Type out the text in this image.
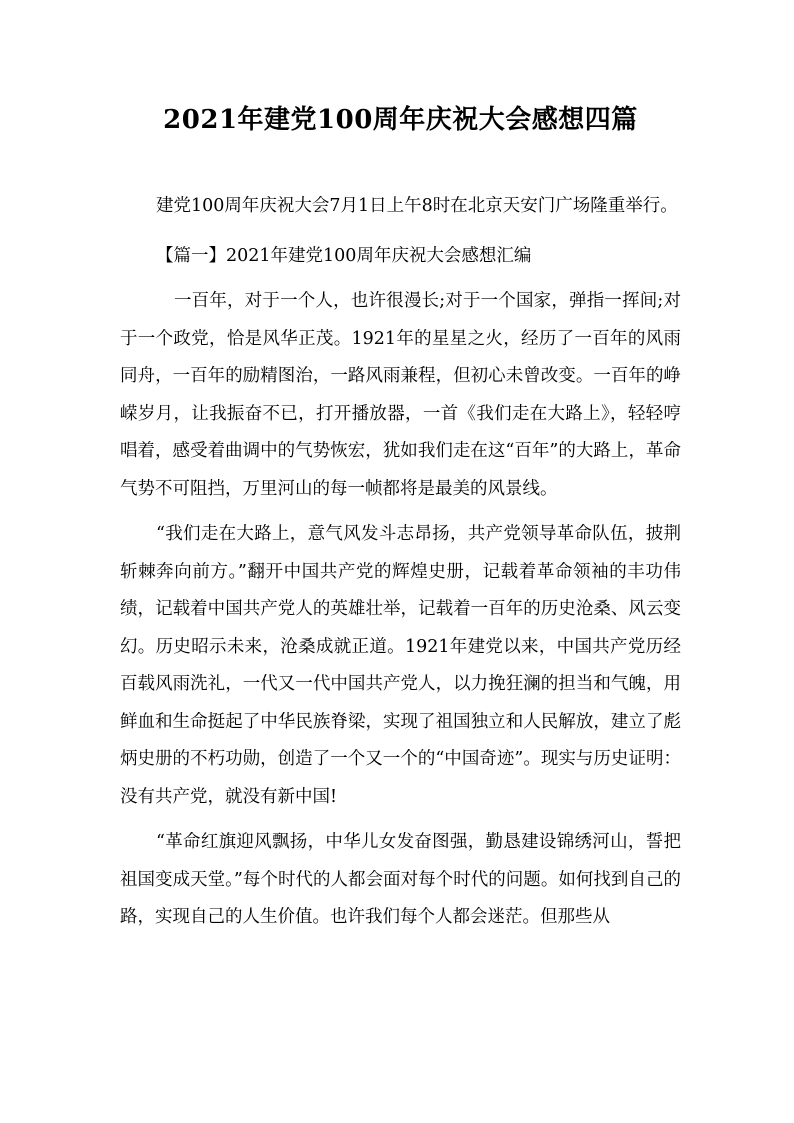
2021年建党100周年庆祝大会感想四篇

建党100周年庆祝大会7月1日上午8时在北京天安门广场隆重举行。

【篇一】2021年建党100周年庆祝大会感想汇编

一百年，对于一个人，也许很漫长;对于一个国家，弹指一挥间;对于一个政党，恰是风华正茂。1921年的星星之火，经历了一百年的风雨同舟，一百年的励精图治，一路风雨兼程，但初心未曾改变。一百年的峥嵘岁月，让我振奋不已，打开播放器，一首《我们走在大路上》，轻轻哼唱着，感受着曲调中的气势恢宏，犹如我们走在这“百年”的大路上，革命气势不可阻挡，万里河山的每一帧都将是最美的风景线。

“我们走在大路上，意气风发斗志昂扬，共产党领导革命队伍，披荆斩棘奔向前方。”翻开中国共产党的辉煌史册，记载着革命领袖的丰功伟绩，记载着中国共产党人的英雄壮举，记载着一百年的历史沧桑、风云变幻。历史昭示未来，沧桑成就正道。1921年建党以来，中国共产党历经百载风雨洗礼，一代又一代中国共产党人，以力挽狂澜的担当和气魄，用鲜血和生命挺起了中华民族脊梁，实现了祖国独立和人民解放，建立了彪炳史册的不朽功勋，创造了一个又一个的“中国奇迹”。现实与历史证明：没有共产党，就没有新中国!

“革命红旗迎风飘扬，中华儿女发奋图强，勤恳建设锦绣河山，誓把祖国变成天堂。”每个时代的人都会面对每个时代的问题。如何找到自己的路，实现自己的人生价值。也许我们每个人都会迷茫。但那些从
